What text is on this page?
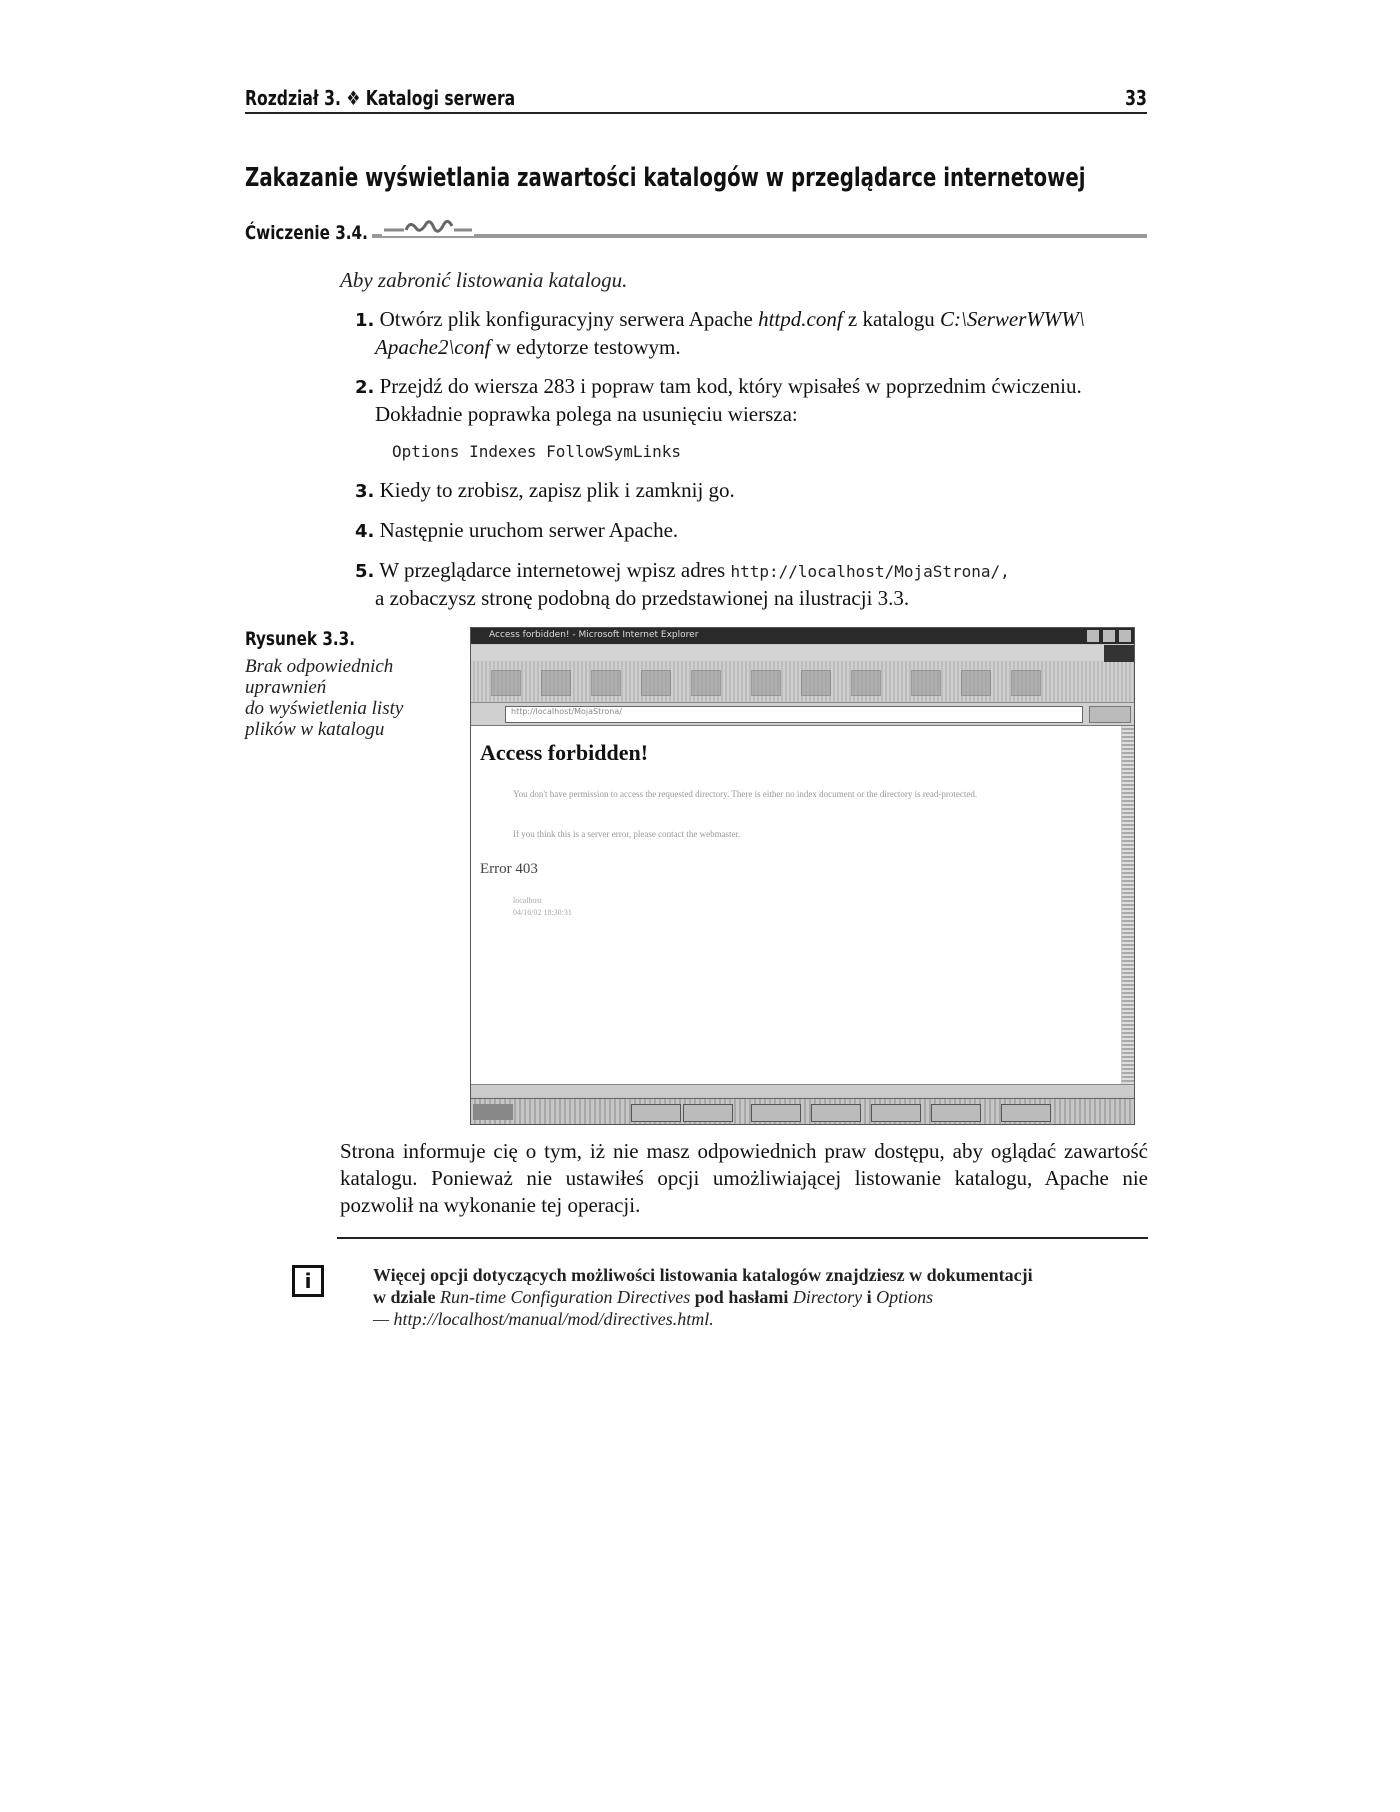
Rozdział 3. ❖ Katalogi serwera	33
Zakazanie wyświetlania zawartości katalogów w przeglądarce internetowej
Ćwiczenie 3.4.
Aby zabronić listowania katalogu.
1. Otwórz plik konfiguracyjny serwera Apache httpd.conf z katalogu C:\SerwerWWW\
Apache2\conf w edytorze testowym.
2. Przejdź do wiersza 283 i popraw tam kod, który wpisałeś w poprzednim ćwiczeniu.
Dokładnie poprawka polega na usunięciu wiersza:
Options Indexes FollowSymLinks
3. Kiedy to zrobisz, zapisz plik i zamknij go.
4. Następnie uruchom serwer Apache.
5. W przeglądarce internetowej wpisz adres http://localhost/MojaStrona/,
a zobaczysz stronę podobną do przedstawionej na ilustracji 3.3.
Rysunek 3.3.
Brak odpowiednich
uprawnień
do wyświetlenia listy
plików w katalogu
Access forbidden! - Microsoft Internet Explorer
http://localhost/MojaStrona/
Access forbidden!
You don't have permission to access the requested directory. There is either no index document or the directory is read-protected.
If you think this is a server error, please contact the webmaster.
Error 403
localhost
04/16/02 18:30:31
Strona informuje cię o tym, iż nie masz odpowiednich praw dostępu, aby oglądać zawartość katalogu. Ponieważ nie ustawiłeś opcji umożliwiającej listowanie katalogu, Apache nie pozwolił na wykonanie tej operacji.
i	Więcej opcji dotyczących możliwości listowania katalogów znajdziesz w dokumentacji
w dziale Run-time Configuration Directives pod hasłami Directory i Options
— http://localhost/manual/mod/directives.html.
